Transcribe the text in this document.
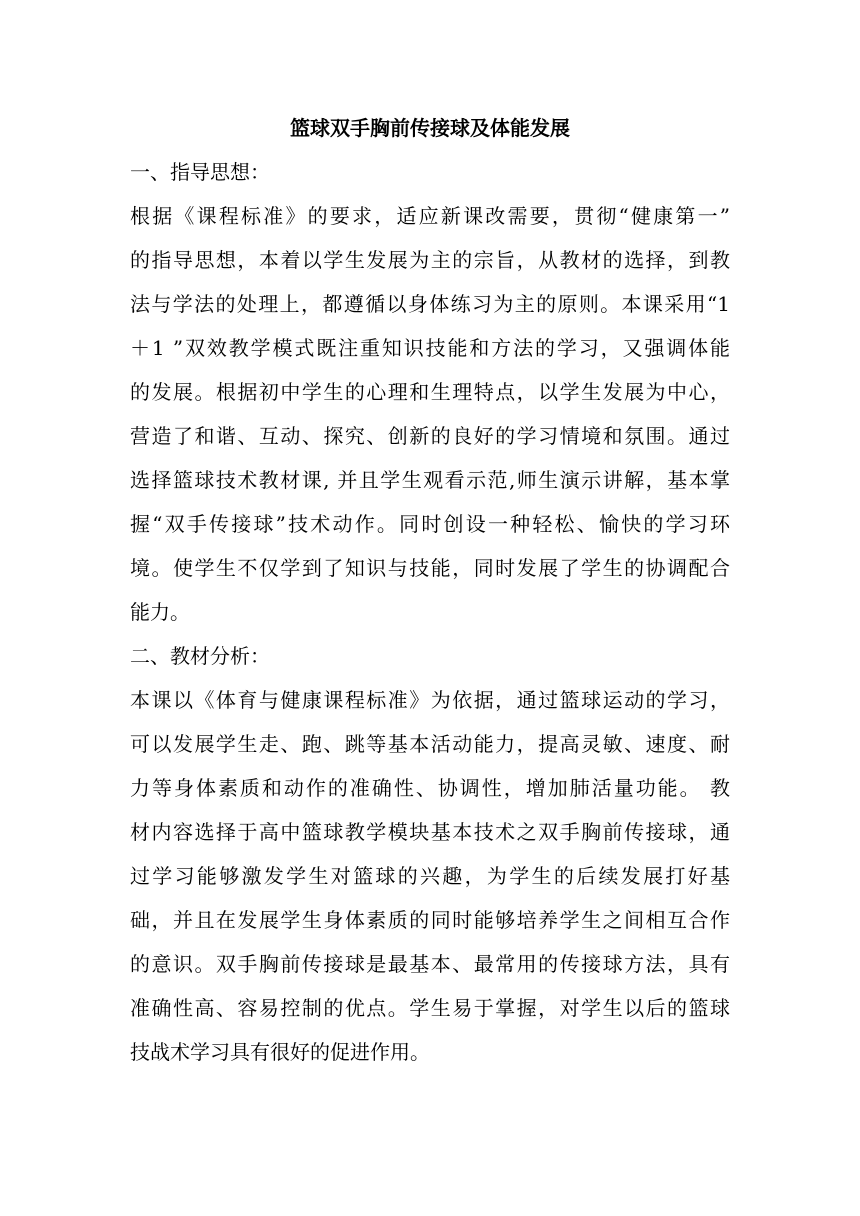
篮球双手胸前传接球及体能发展

一、指导思想：

根据《课程标准》的要求，适应新课改需要，贯彻“健康第一”
的指导思想，本着以学生发展为主的宗旨，从教材的选择，到教
法与学法的处理上，都遵循以身体练习为主的原则。本课采用“1
＋1 ”双效教学模式既注重知识技能和方法的学习，又强调体能
的发展。根据初中学生的心理和生理特点，以学生发展为中心，
营造了和谐、互动、探究、创新的良好的学习情境和氛围。通过
选择篮球技术教材课, 并且学生观看示范,师生演示讲解，基本掌
握“双手传接球”技术动作。同时创设一种轻松、愉快的学习环
境。使学生不仅学到了知识与技能，同时发展了学生的协调配合
能力。

二、教材分析：

本课以《体育与健康课程标准》为依据，通过篮球运动的学习，
可以发展学生走、跑、跳等基本活动能力，提高灵敏、速度、耐
力等身体素质和动作的准确性、协调性，增加肺活量功能。 教
材内容选择于高中篮球教学模块基本技术之双手胸前传接球，通
过学习能够激发学生对篮球的兴趣，为学生的后续发展打好基
础，并且在发展学生身体素质的同时能够培养学生之间相互合作
的意识。双手胸前传接球是最基本、最常用的传接球方法，具有
准确性高、容易控制的优点。学生易于掌握，对学生以后的篮球
技战术学习具有很好的促进作用。
